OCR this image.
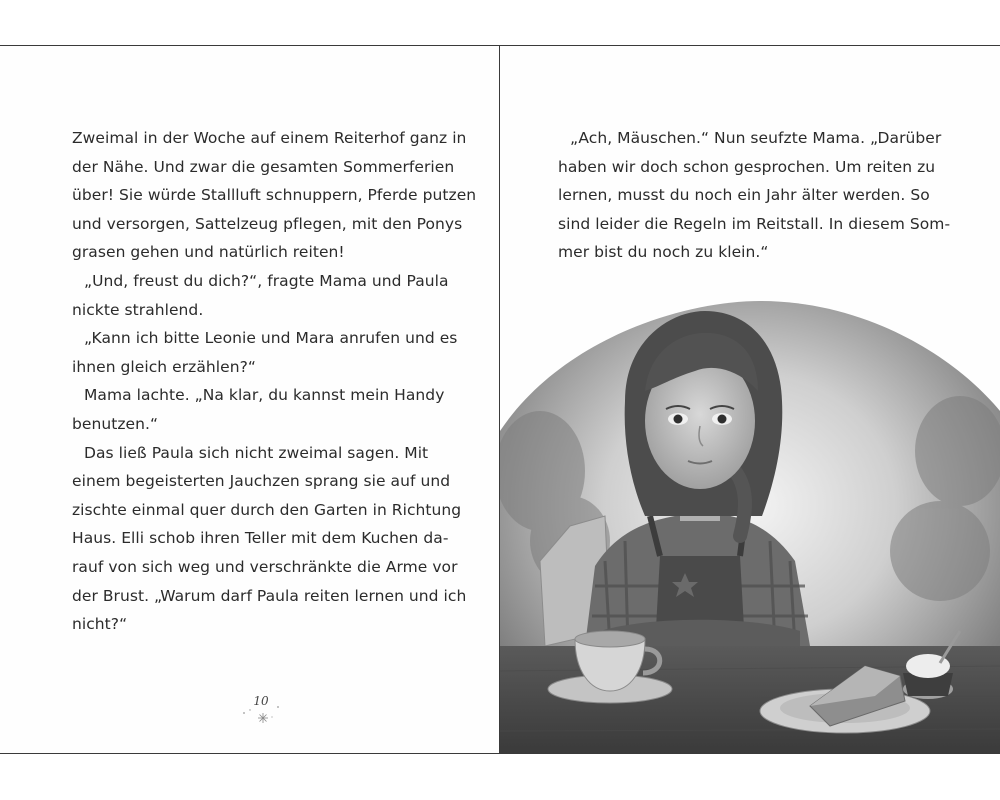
Zweimal in der Woche auf einem Reiterhof ganz in
der Nähe. Und zwar die gesamten Sommerferien
über! Sie würde Stallluft schnuppern, Pferde putzen
und versorgen, Sattelzeug pflegen, mit den Ponys
grasen gehen und natürlich reiten!
„Und, freust du dich?“, fragte Mama und Paula
nickte strahlend.
„Kann ich bitte Leonie und Mara anrufen und es
ihnen gleich erzählen?“
Mama lachte. „Na klar, du kannst mein Handy
benutzen.“
Das ließ Paula sich nicht zweimal sagen. Mit
einem begeisterten Jauchzen sprang sie auf und
zischte einmal quer durch den Garten in Richtung
Haus. Elli schob ihren Teller mit dem Kuchen da-
rauf von sich weg und verschränkte die Arme vor
der Brust. „Warum darf Paula reiten lernen und ich
nicht?“
10
„Ach, Mäuschen.“ Nun seufzte Mama. „Darüber
haben wir doch schon gesprochen. Um reiten zu
lernen, musst du noch ein Jahr älter werden. So
sind leider die Regeln im Reitstall. In diesem Som-
mer bist du noch zu klein.“
